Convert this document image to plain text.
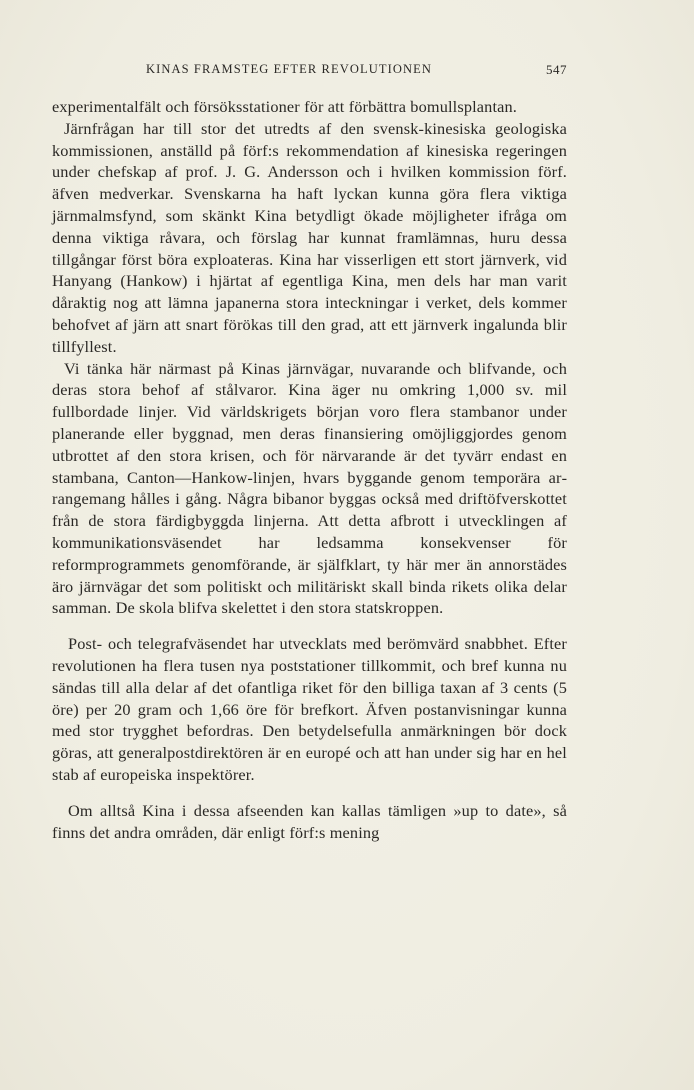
KINAS FRAMSTEG EFTER REVOLUTIONEN	547

experimentalfält och försöksstationer för att förbättra bomullsplantan.

Järnfrågan har till stor det utredts af den svensk-kinesiska geologiska kommissionen, anställd på förf:s rekommendation af kinesiska regeringen under chefskap af prof. J. G. Andersson och i hvilken kommission förf. äfven medverkar. Svenskarna ha haft lyckan kunna göra flera viktiga järnmalmsfynd, som skänkt Kina betydligt ökade möjligheter ifråga om denna viktiga råvara, och förslag har kunnat framlämnas, huru dessa tillgångar först böra exploateras. Kina har visserligen ett stort järnverk, vid Hanyang (Hankow) i hjärtat af egentliga Kina, men dels har man varit dåraktig nog att lämna japanerna stora inteckningar i verket, dels kommer behofvet af järn att snart förökas till den grad, att ett järnverk ingalunda blir tillfyllest.

Vi tänka här närmast på Kinas järnvägar, nuvarande och blifvande, och deras stora behof af stålvaror. Kina äger nu omkring 1,000 sv. mil fullbordade linjer. Vid världskrigets början voro flera stambanor under planerande eller byggnad, men deras finansiering omöjliggjordes genom utbrottet af den stora krisen, och för närvarande är det tyvärr endast en stambana, Canton—Hankow-linjen, hvars byggande genom temporära arrangemang hålles i gång. Några bibanor byggas också med driftöfverskottet från de stora färdigbyggda linjerna. Att detta afbrott i utvecklingen af kommunikationsväsendet har ledsamma konsekvenser för reformprogrammets genomförande, är själfklart, ty här mer än annorstädes äro järnvägar det som politiskt och militäriskt skall binda rikets olika delar samman. De skola blifva skelettet i den stora statskroppen.

Post- och telegrafväsendet har utvecklats med berömvärd snabbhet. Efter revolutionen ha flera tusen nya poststationer tillkommit, och bref kunna nu sändas till alla delar af det ofantliga riket för den billiga taxan af 3 cents (5 öre) per 20 gram och 1,66 öre för brefkort. Äfven postanvisningar kunna med stor trygghet befordras. Den betydelsefulla anmärkningen bör dock göras, att generalpostdirektören är en europé och att han under sig har en hel stab af europeiska inspektörer.

Om alltså Kina i dessa afseenden kan kallas tämligen »up to date», så finns det andra områden, där enligt förf:s mening
